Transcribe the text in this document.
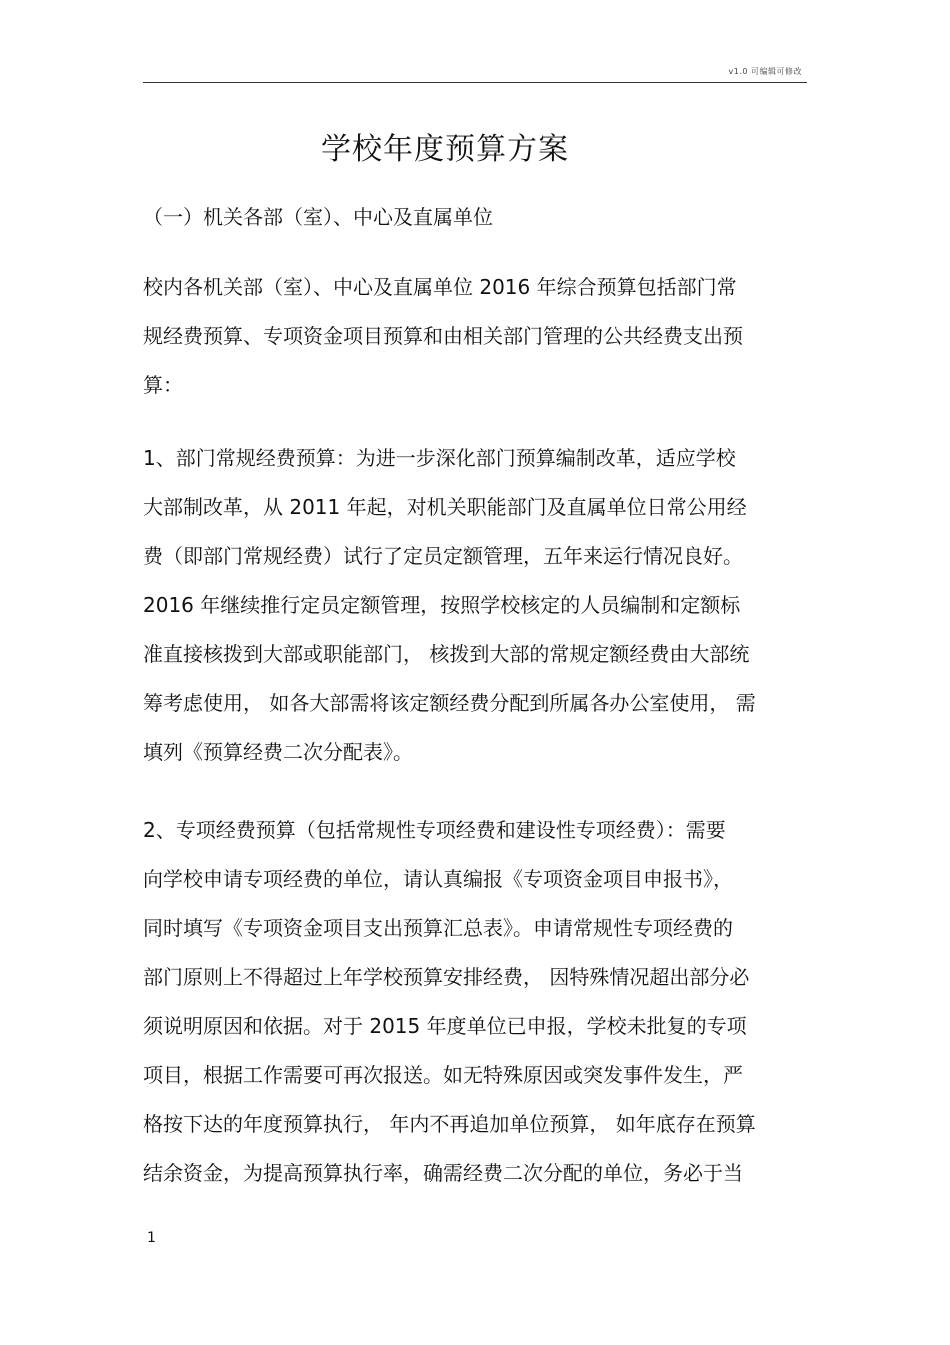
v1.0 可编辑可修改
学校年度预算方案
（一）机关各部（室）、中心及直属单位
校内各机关部（室）、中心及直属单位 2016 年综合预算包括部门常
规经费预算、专项资金项目预算和由相关部门管理的公共经费支出预
算：
1、部门常规经费预算：为进一步深化部门预算编制改革，适应学校
大部制改革，从 2011 年起，对机关职能部门及直属单位日常公用经
费（即部门常规经费）试行了定员定额管理，五年来运行情况良好。
2016 年继续推行定员定额管理，按照学校核定的人员编制和定额标
准直接核拨到大部或职能部门， 核拨到大部的常规定额经费由大部统
筹考虑使用， 如各大部需将该定额经费分配到所属各办公室使用， 需
填列《预算经费二次分配表》。
2、专项经费预算（包括常规性专项经费和建设性专项经费）：需要
向学校申请专项经费的单位，请认真编报《专项资金项目申报书》，
同时填写《专项资金项目支出预算汇总表》。申请常规性专项经费的
部门原则上不得超过上年学校预算安排经费， 因特殊情况超出部分必
须说明原因和依据。对于 2015 年度单位已申报，学校未批复的专项
项目，根据工作需要可再次报送。如无特殊原因或突发事件发生，严
格按下达的年度预算执行， 年内不再追加单位预算， 如年底存在预算
结余资金，为提高预算执行率，确需经费二次分配的单位，务必于当
1
